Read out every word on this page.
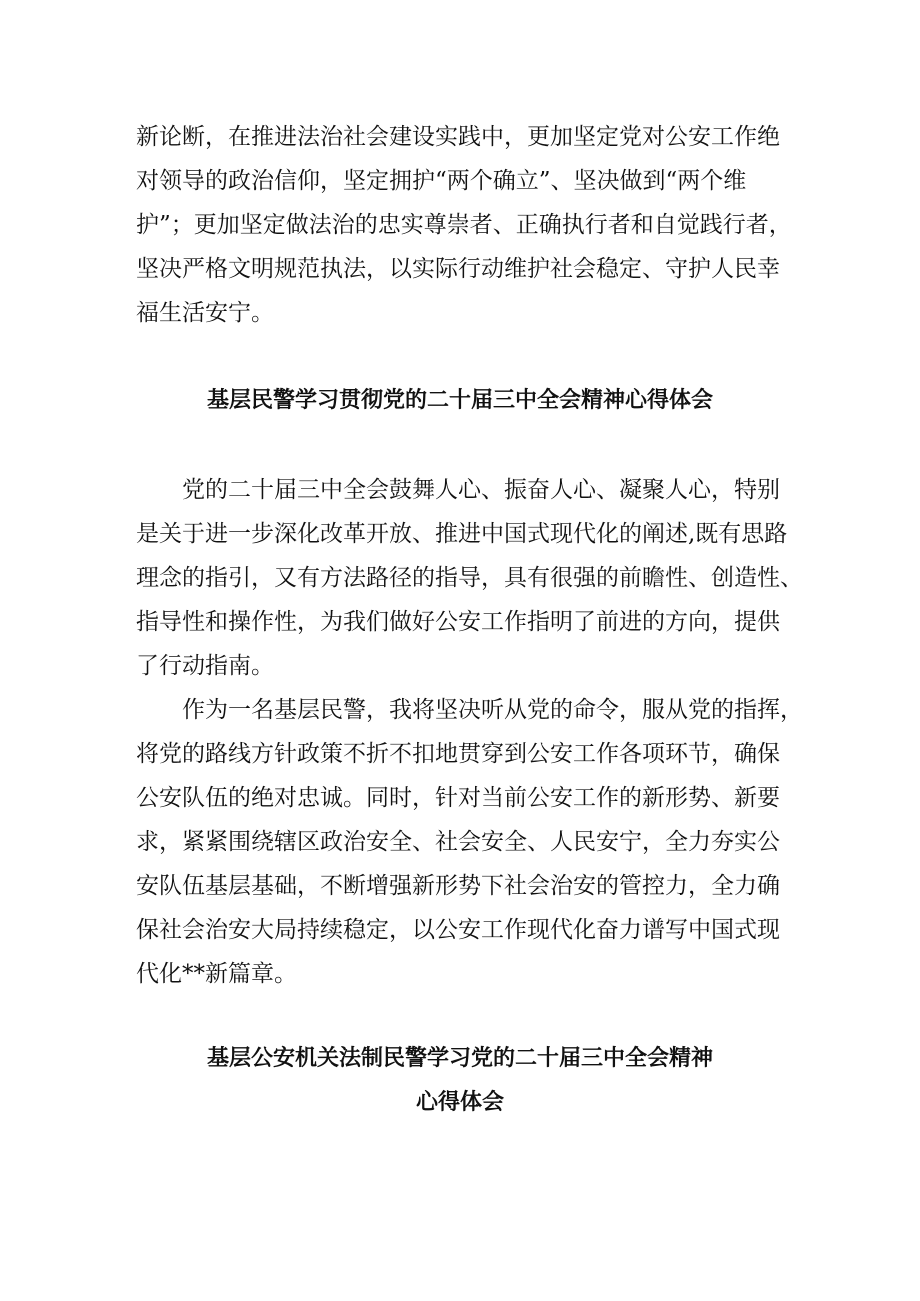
新论断，在推进法治社会建设实践中，更加坚定党对公安工作绝
对领导的政治信仰，坚定拥护“两个确立”、坚决做到“两个维
护”；更加坚定做法治的忠实尊崇者、正确执行者和自觉践行者，
坚决严格文明规范执法，以实际行动维护社会稳定、守护人民幸
福生活安宁。
基层民警学习贯彻党的二十届三中全会精神心得体会
党的二十届三中全会鼓舞人心、振奋人心、凝聚人心，特别
是关于进一步深化改革开放、推进中国式现代化的阐述,既有思路
理念的指引，又有方法路径的指导，具有很强的前瞻性、创造性、
指导性和操作性，为我们做好公安工作指明了前进的方向，提供
了行动指南。
作为一名基层民警，我将坚决听从党的命令，服从党的指挥，
将党的路线方针政策不折不扣地贯穿到公安工作各项环节，确保
公安队伍的绝对忠诚。同时，针对当前公安工作的新形势、新要
求，紧紧围绕辖区政治安全、社会安全、人民安宁，全力夯实公
安队伍基层基础，不断增强新形势下社会治安的管控力，全力确
保社会治安大局持续稳定，以公安工作现代化奋力谱写中国式现
代化**新篇章。
基层公安机关法制民警学习党的二十届三中全会精神
心得体会
